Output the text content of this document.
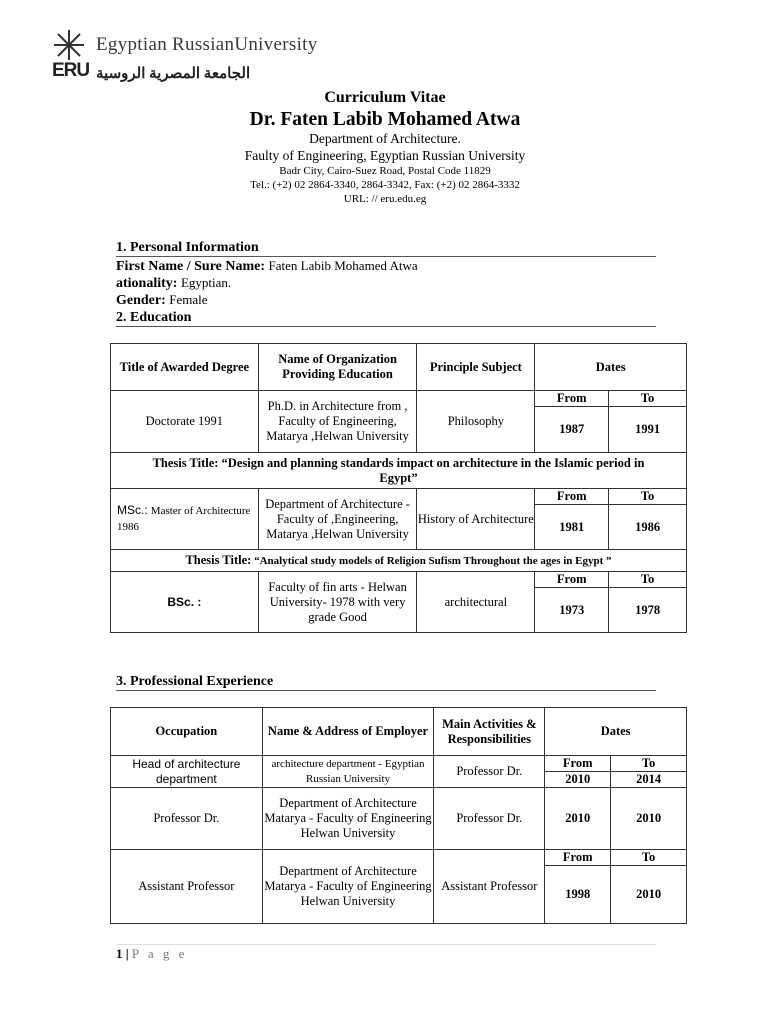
ERU
Egyptian RussianUniversity
الجامعة المصرية الروسية
Curriculum Vitae
Dr. Faten Labib Mohamed Atwa
Department of Architecture.
Faulty of Engineering, Egyptian Russian University
Badr City, Cairo-Suez Road, Postal Code 11829
Tel.: (+2) 02 2864-3340, 2864-3342, Fax: (+2) 02 2864-3332
URL: // eru.edu.eg
1. Personal Information
First Name / Sure Name: Faten Labib Mohamed Atwa
ationality: Egyptian.
Gender: Female
2. Education
Title of Awarded Degree	Name of Organization Providing Education	Principle Subject	Dates	

Doctorate 1991	Ph.D. in Architecture from , Faculty of Engineering, Matarya ,Helwan University	Philosophy	From	To
			1987	1991
Thesis Title: “Design and planning standards impact on architecture in the Islamic period in Egypt”				
MSc.: Master of Architecture 1986	Department of Architecture - Faculty of ,Engineering, Matarya ,Helwan University	History of Architecture	From	To
			1981	1986
Thesis Title: “Analytical study models of Religion Sufism Throughout the ages in Egypt ”				
BSc. :	Faculty of fin arts - Helwan University- 1978 with very grade Good	architectural	From	To
			1973	1978
3. Professional Experience
Occupation	Name & Address of Employer	Main Activities & Responsibilities	Dates	
Head of architecture department	architecture department - Egyptian Russian University	Professor Dr.	From	To
			2010	2014
Professor Dr.	Department of Architecture Matarya - Faculty of Engineering Helwan University	Professor Dr.	2010	2010
Assistant Professor	Department of Architecture Matarya - Faculty of Engineering Helwan University	Assistant Professor	From	To
			1998	2010
1 | P a g e
